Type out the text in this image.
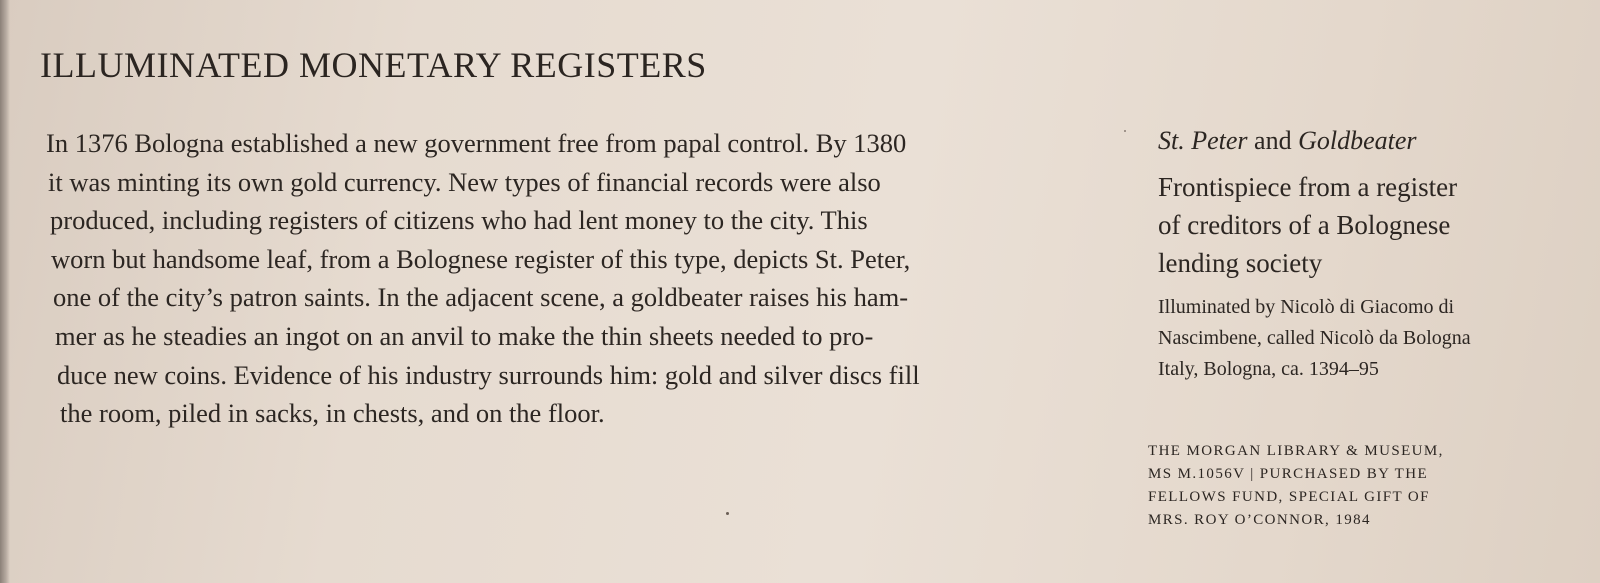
ILLUMINATED MONETARY REGISTERS
In 1376 Bologna established a new government free from papal control. By 1380
it was minting its own gold currency. New types of financial records were also
produced, including registers of citizens who had lent money to the city. This
worn but handsome leaf, from a Bolognese register of this type, depicts St. Peter,
one of the city’s patron saints. In the adjacent scene, a goldbeater raises his ham-
mer as he steadies an ingot on an anvil to make the thin sheets needed to pro-
duce new coins. Evidence of his industry surrounds him: gold and silver discs fill
the room, piled in sacks, in chests, and on the floor.

St. Peter and Goldbeater

Frontispiece from a register
of creditors of a Bolognese
lending society
Illuminated by Nicolò di Giacomo di
Nascimbene, called Nicolò da Bologna
Italy, Bologna, ca. 1394–95
THE MORGAN LIBRARY & MUSEUM,
MS M.1056V | PURCHASED BY THE
FELLOWS FUND, SPECIAL GIFT OF
MRS. ROY O’CONNOR, 1984
